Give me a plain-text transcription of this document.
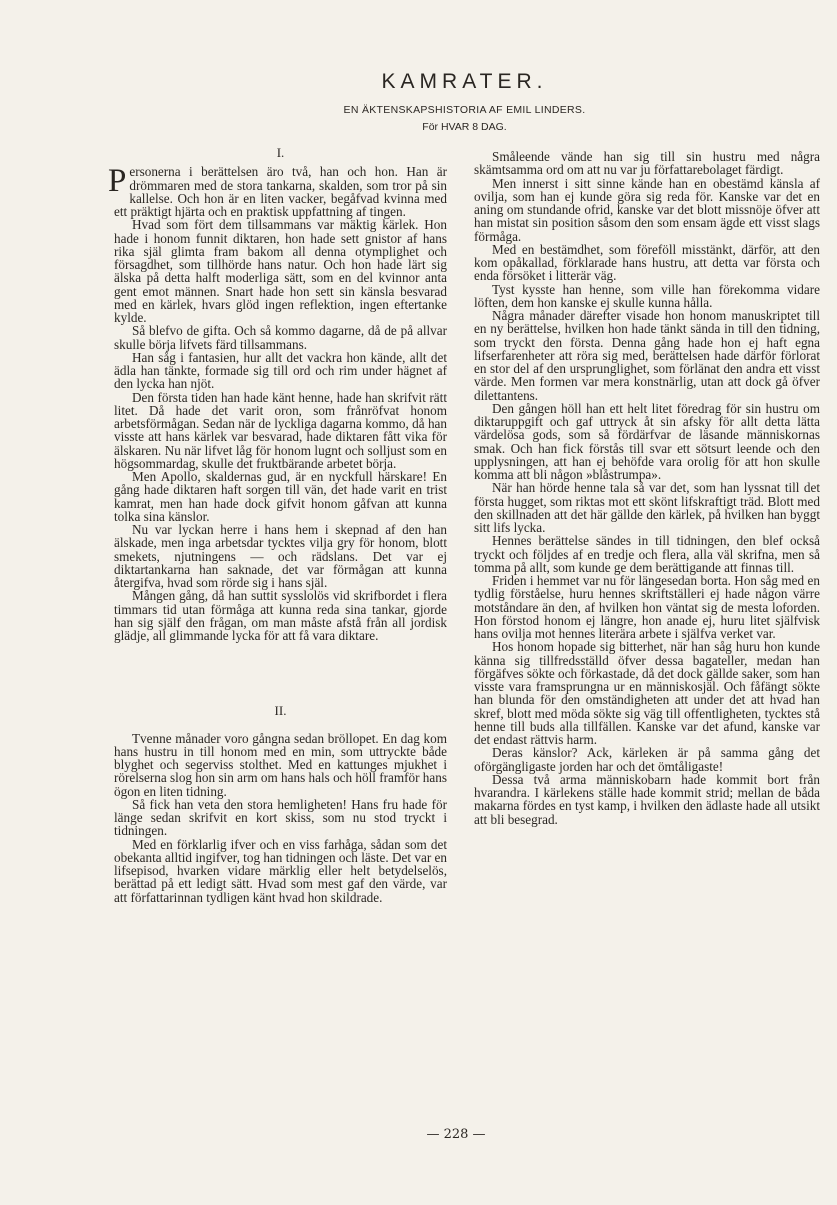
KAMRATER.
EN ÄKTENSKAPSHISTORIA AF EMIL LINDERS.
För HVAR 8 DAG.
I.

Personerna i berättelsen äro två, han och hon. Han är drömmaren med de stora tankarna, skalden, som tror på sin kallelse. Och hon är en liten vacker, begåfvad kvinna med ett präktigt hjärta och en praktisk uppfattning af tingen.

Hvad som fört dem tillsammans var mäktig kärlek. Hon hade i honom funnit diktaren, hon hade sett gnistor af hans rika själ glimta fram bakom all denna otymplighet och försagdhet, som tillhörde hans natur. Och hon hade lärt sig älska på detta halft moderliga sätt, som en del kvinnor anta gent emot männen. Snart hade hon sett sin känsla besvarad med en kärlek, hvars glöd ingen reflektion, ingen eftertanke kylde.

Så blefvo de gifta. Och så kommo dagarne, då de på allvar skulle börja lifvets färd tillsammans.

Han såg i fantasien, hur allt det vackra hon kände, allt det ädla han tänkte, formade sig till ord och rim under hägnet af den lycka han njöt.

Den första tiden han hade känt henne, hade han skrifvit rätt litet. Då hade det varit oron, som frånröfvat honom arbetsförmågan. Sedan när de lyckliga dagarna kommo, då han visste att hans kärlek var besvarad, hade diktaren fått vika för älskaren. Nu när lifvet låg för honom lugnt och solljust som en högsommardag, skulle det fruktbärande arbetet börja.

Men Apollo, skaldernas gud, är en nyckfull härskare! En gång hade diktaren haft sorgen till vän, det hade varit en trist kamrat, men han hade dock gifvit honom gåfvan att kunna tolka sina känslor.

Nu var lyckan herre i hans hem i skepnad af den han älskade, men inga arbetsdar tycktes vilja gry för honom, blott smekets, njutningens — och rädslans. Det var ej diktartankarna han saknade, det var förmågan att kunna återgifva, hvad som rörde sig i hans själ.

Mången gång, då han suttit sysslolös vid skrifbordet i flera timmars tid utan förmåga att kunna reda sina tankar, gjorde han sig själf den frågan, om man måste afstå från all jordisk glädje, all glimmande lycka för att få vara diktare.

II.

Tvenne månader voro gångna sedan bröllopet. En dag kom hans hustru in till honom med en min, som uttryckte både blyghet och segerviss stolthet. Med en kattunges mjukhet i rörelserna slog hon sin arm om hans hals och höll framför hans ögon en liten tidning.

Så fick han veta den stora hemligheten! Hans fru hade för länge sedan skrifvit en kort skiss, som nu stod tryckt i tidningen.

Med en förklarlig ifver och en viss farhåga, sådan som det obekanta alltid ingifver, tog han tidningen och läste. Det var en lifsepisod, hvarken vidare märklig eller helt betydelselös, berättad på ett ledigt sätt. Hvad som mest gaf den värde, var att författarinnan tydligen känt hvad hon skildrade.

Småleende vände han sig till sin hustru med några skämtsamma ord om att nu var ju författarebolaget färdigt.

Men innerst i sitt sinne kände han en obestämd känsla af ovilja, som han ej kunde göra sig reda för. Kanske var det en aning om stundande ofrid, kanske var det blott missnöje öfver att han mistat sin position såsom den som ensam ägde ett visst slags förmåga.

Med en bestämdhet, som föreföll misstänkt, därför, att den kom opåkallad, förklarade hans hustru, att detta var första och enda försöket i litterär väg.

Tyst kysste han henne, som ville han förekomma vidare löften, dem hon kanske ej skulle kunna hålla.

Några månader därefter visade hon honom manuskriptet till en ny berättelse, hvilken hon hade tänkt sända in till den tidning, som tryckt den första. Denna gång hade hon ej haft egna lifserfarenheter att röra sig med, berättelsen hade därför förlorat en stor del af den ursprunglighet, som förlänat den andra ett visst värde. Men formen var mera konstnärlig, utan att dock gå öfver dilettantens.

Den gången höll han ett helt litet föredrag för sin hustru om diktaruppgift och gaf uttryck åt sin afsky för allt detta lätta värdelösa gods, som så fördärfvar de läsande människornas smak. Och han fick förstås till svar ett sötsurt leende och den upplysningen, att han ej behöfde vara orolig för att hon skulle komma att bli någon »blåstrumpa».

När han hörde henne tala så var det, som han lyssnat till det första hugget, som riktas mot ett skönt lifskraftigt träd. Blott med den skillnaden att det här gällde den kärlek, på hvilken han byggt sitt lifs lycka.

Hennes berättelse sändes in till tidningen, den blef också tryckt och följdes af en tredje och flera, alla väl skrifna, men så tomma på allt, som kunde ge dem berättigande att finnas till.

Friden i hemmet var nu för längesedan borta. Hon såg med en tydlig förståelse, huru hennes skriftställeri ej hade någon värre motståndare än den, af hvilken hon väntat sig de mesta loforden. Hon förstod honom ej längre, hon anade ej, huru litet själfvisk hans ovilja mot hennes literära arbete i själfva verket var.

Hos honom hopade sig bitterhet, när han såg huru hon kunde känna sig tillfredsställd öfver dessa bagateller, medan han förgäfves sökte och förkastade, då det dock gällde saker, som han visste vara framsprungna ur en människosjäl. Och fåfängt sökte han blunda för den omständigheten att under det att hvad han skref, blott med möda sökte sig väg till offentligheten, tycktes stå henne till buds alla tillfällen. Kanske var det afund, kanske var det endast rättvis harm.

Deras känslor? Ack, kärleken är på samma gång det oförgängligaste jorden har och det ömtåligaste!

Dessa två arma människobarn hade kommit bort från hvarandra. I kärlekens ställe hade kommit strid; mellan de båda makarna fördes en tyst kamp, i hvilken den ädlaste hade all utsikt att bli besegrad.

— 228 —
